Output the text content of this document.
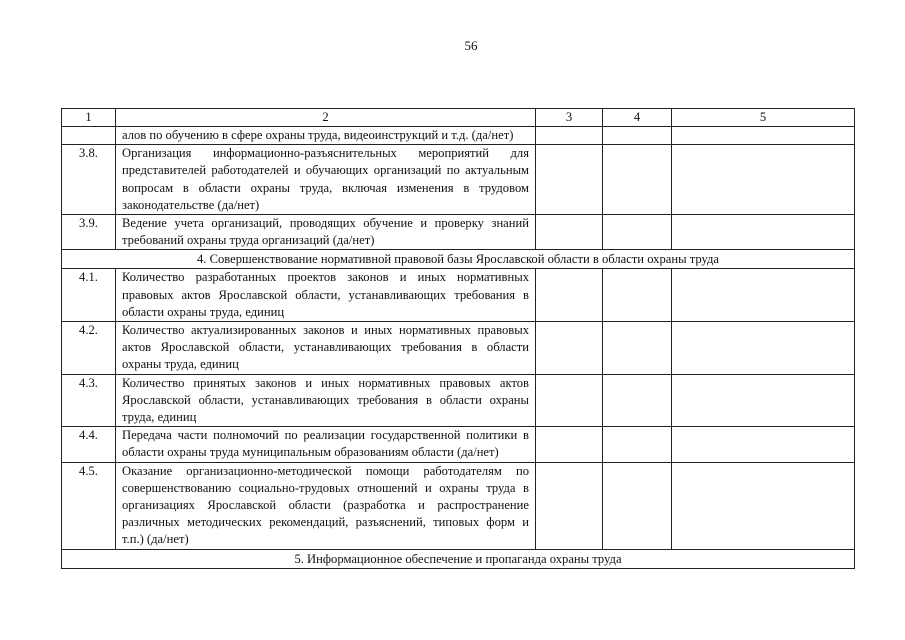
56
1	2	3	4	5
	алов по обучению в сфере охраны труда, видеоинструкций и т.д. (да/нет)			
3.8.	Организация информационно-разъяснительных мероприятий для представителей работодателей и обучающих организаций по актуальным вопросам в области охраны труда, включая изменения в трудовом законодательстве (да/нет)			
3.9.	Ведение учета организаций, проводящих обучение и проверку знаний требований охраны труда организаций (да/нет)			
4. Совершенствование нормативной правовой базы Ярославской области в области охраны труда				
4.1.	Количество разработанных проектов законов и иных нормативных правовых актов Ярославской области, устанавливающих требования в области охраны труда, единиц			
4.2.	Количество актуализированных законов и иных нормативных правовых актов Ярославской области, устанавливающих требования в области охраны труда, единиц			
4.3.	Количество принятых законов и иных нормативных правовых актов Ярославской области, устанавливающих требования в области охраны труда, единиц			
4.4.	Передача части полномочий по реализации государственной политики в области охраны труда муниципальным образованиям области (да/нет)			
4.5.	Оказание организационно-методической помощи работодателям по совершенствованию социально-трудовых отношений и охраны труда в организациях Ярославской области (разработка и распространение различных методических рекомендаций, разъяснений, типовых форм и т.п.) (да/нет)			
5. Информационное обеспечение и пропаганда охраны труда				
